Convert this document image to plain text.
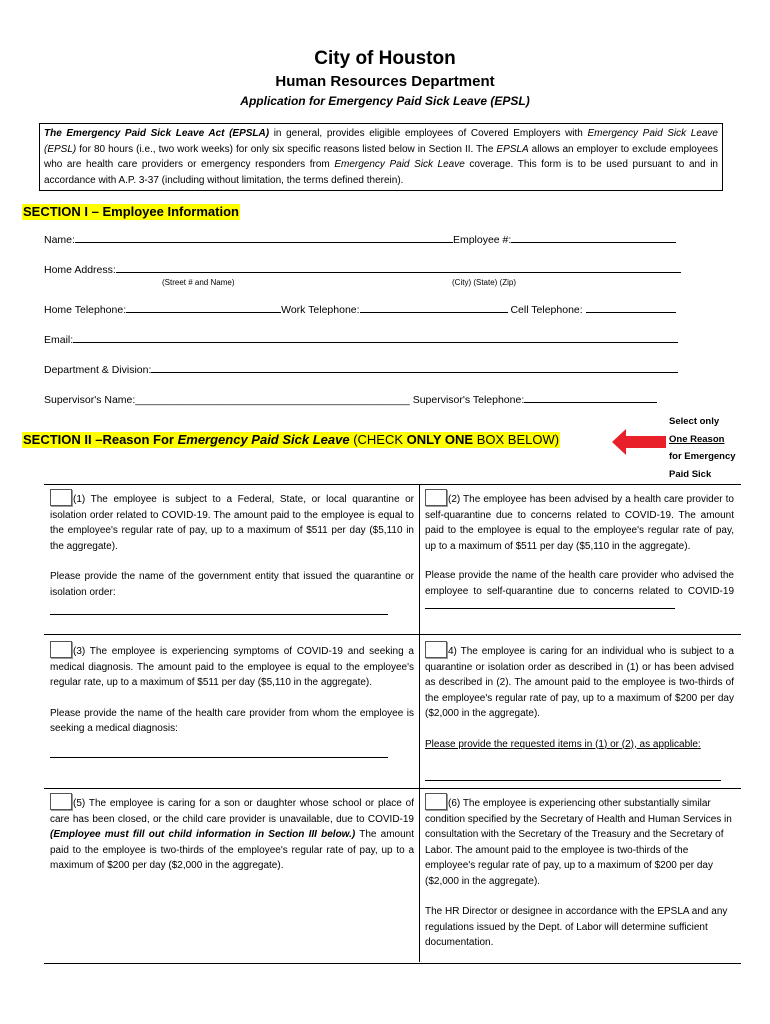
City of Houston
Human Resources Department
Application for Emergency Paid Sick Leave (EPSL)
The Emergency Paid Sick Leave Act (EPSLA) in general, provides eligible employees of Covered Employers with Emergency Paid Sick Leave (EPSL) for 80 hours (i.e., two work weeks) for only six specific reasons listed below in Section II. The EPSLA allows an employer to exclude employees who are health care providers or emergency responders from Emergency Paid Sick Leave coverage. This form is to be used pursuant to and in accordance with A.P. 3-37 (including without limitation, the terms defined therein).
SECTION I – Employee Information
Name:	Employee #:
Home Address:
(Street # and Name)	(City) (State) (Zip)
Home Telephone:	Work Telephone:	Cell Telephone:
Email:
Department & Division:
Supervisor's Name:_______________________________________________ Supervisor's Telephone:
Select only
One Reason
for Emergency
Paid Sick
SECTION II –Reason For Emergency Paid Sick Leave (CHECK ONLY ONE BOX BELOW)

(1) The employee is subject to a Federal, State, or local quarantine or isolation order related to COVID-19. The amount paid to the employee is equal to the employee's regular rate of pay, up to a maximum of $511 per day ($5,110 in the aggregate).

Please provide the name of the government entity that issued the quarantine or isolation order:

(2) The employee has been advised by a health care provider to self-quarantine due to concerns related to COVID-19. The amount paid to the employee is equal to the employee's regular rate of pay, up to a maximum of $511 per day ($5,110 in the aggregate).

Please provide the name of the health care provider who advised the employee to self-quarantine due to concerns related to COVID-19

(3) The employee is experiencing symptoms of COVID-19 and seeking a medical diagnosis. The amount paid to the employee is equal to the employee's regular rate, up to a maximum of $511 per day ($5,110 in the aggregate).

Please provide the name of the health care provider from whom the employee is seeking a medical diagnosis:

4) The employee is caring for an individual who is subject to a quarantine or isolation order as described in (1) or has been advised as described in (2). The amount paid to the employee is two-thirds of the employee's regular rate of pay, up to a maximum of $200 per day ($2,000 in the aggregate).

Please provide the requested items in (1) or (2), as applicable:

(5) The employee is caring for a son or daughter whose school or place of care has been closed, or the child care provider is unavailable, due to COVID-19 (Employee must fill out child information in Section III below.) The amount paid to the employee is two-thirds of the employee's regular rate of pay, up to a maximum of $200 per day ($2,000 in the aggregate).

(6) The employee is experiencing other substantially similar condition specified by the Secretary of Health and Human Services in consultation with the Secretary of the Treasury and the Secretary of Labor. The amount paid to the employee is two-thirds of the employee's regular rate of pay, up to a maximum of $200 per day ($2,000 in the aggregate).

The HR Director or designee in accordance with the EPSLA and any regulations issued by the Dept. of Labor will determine sufficient documentation.
